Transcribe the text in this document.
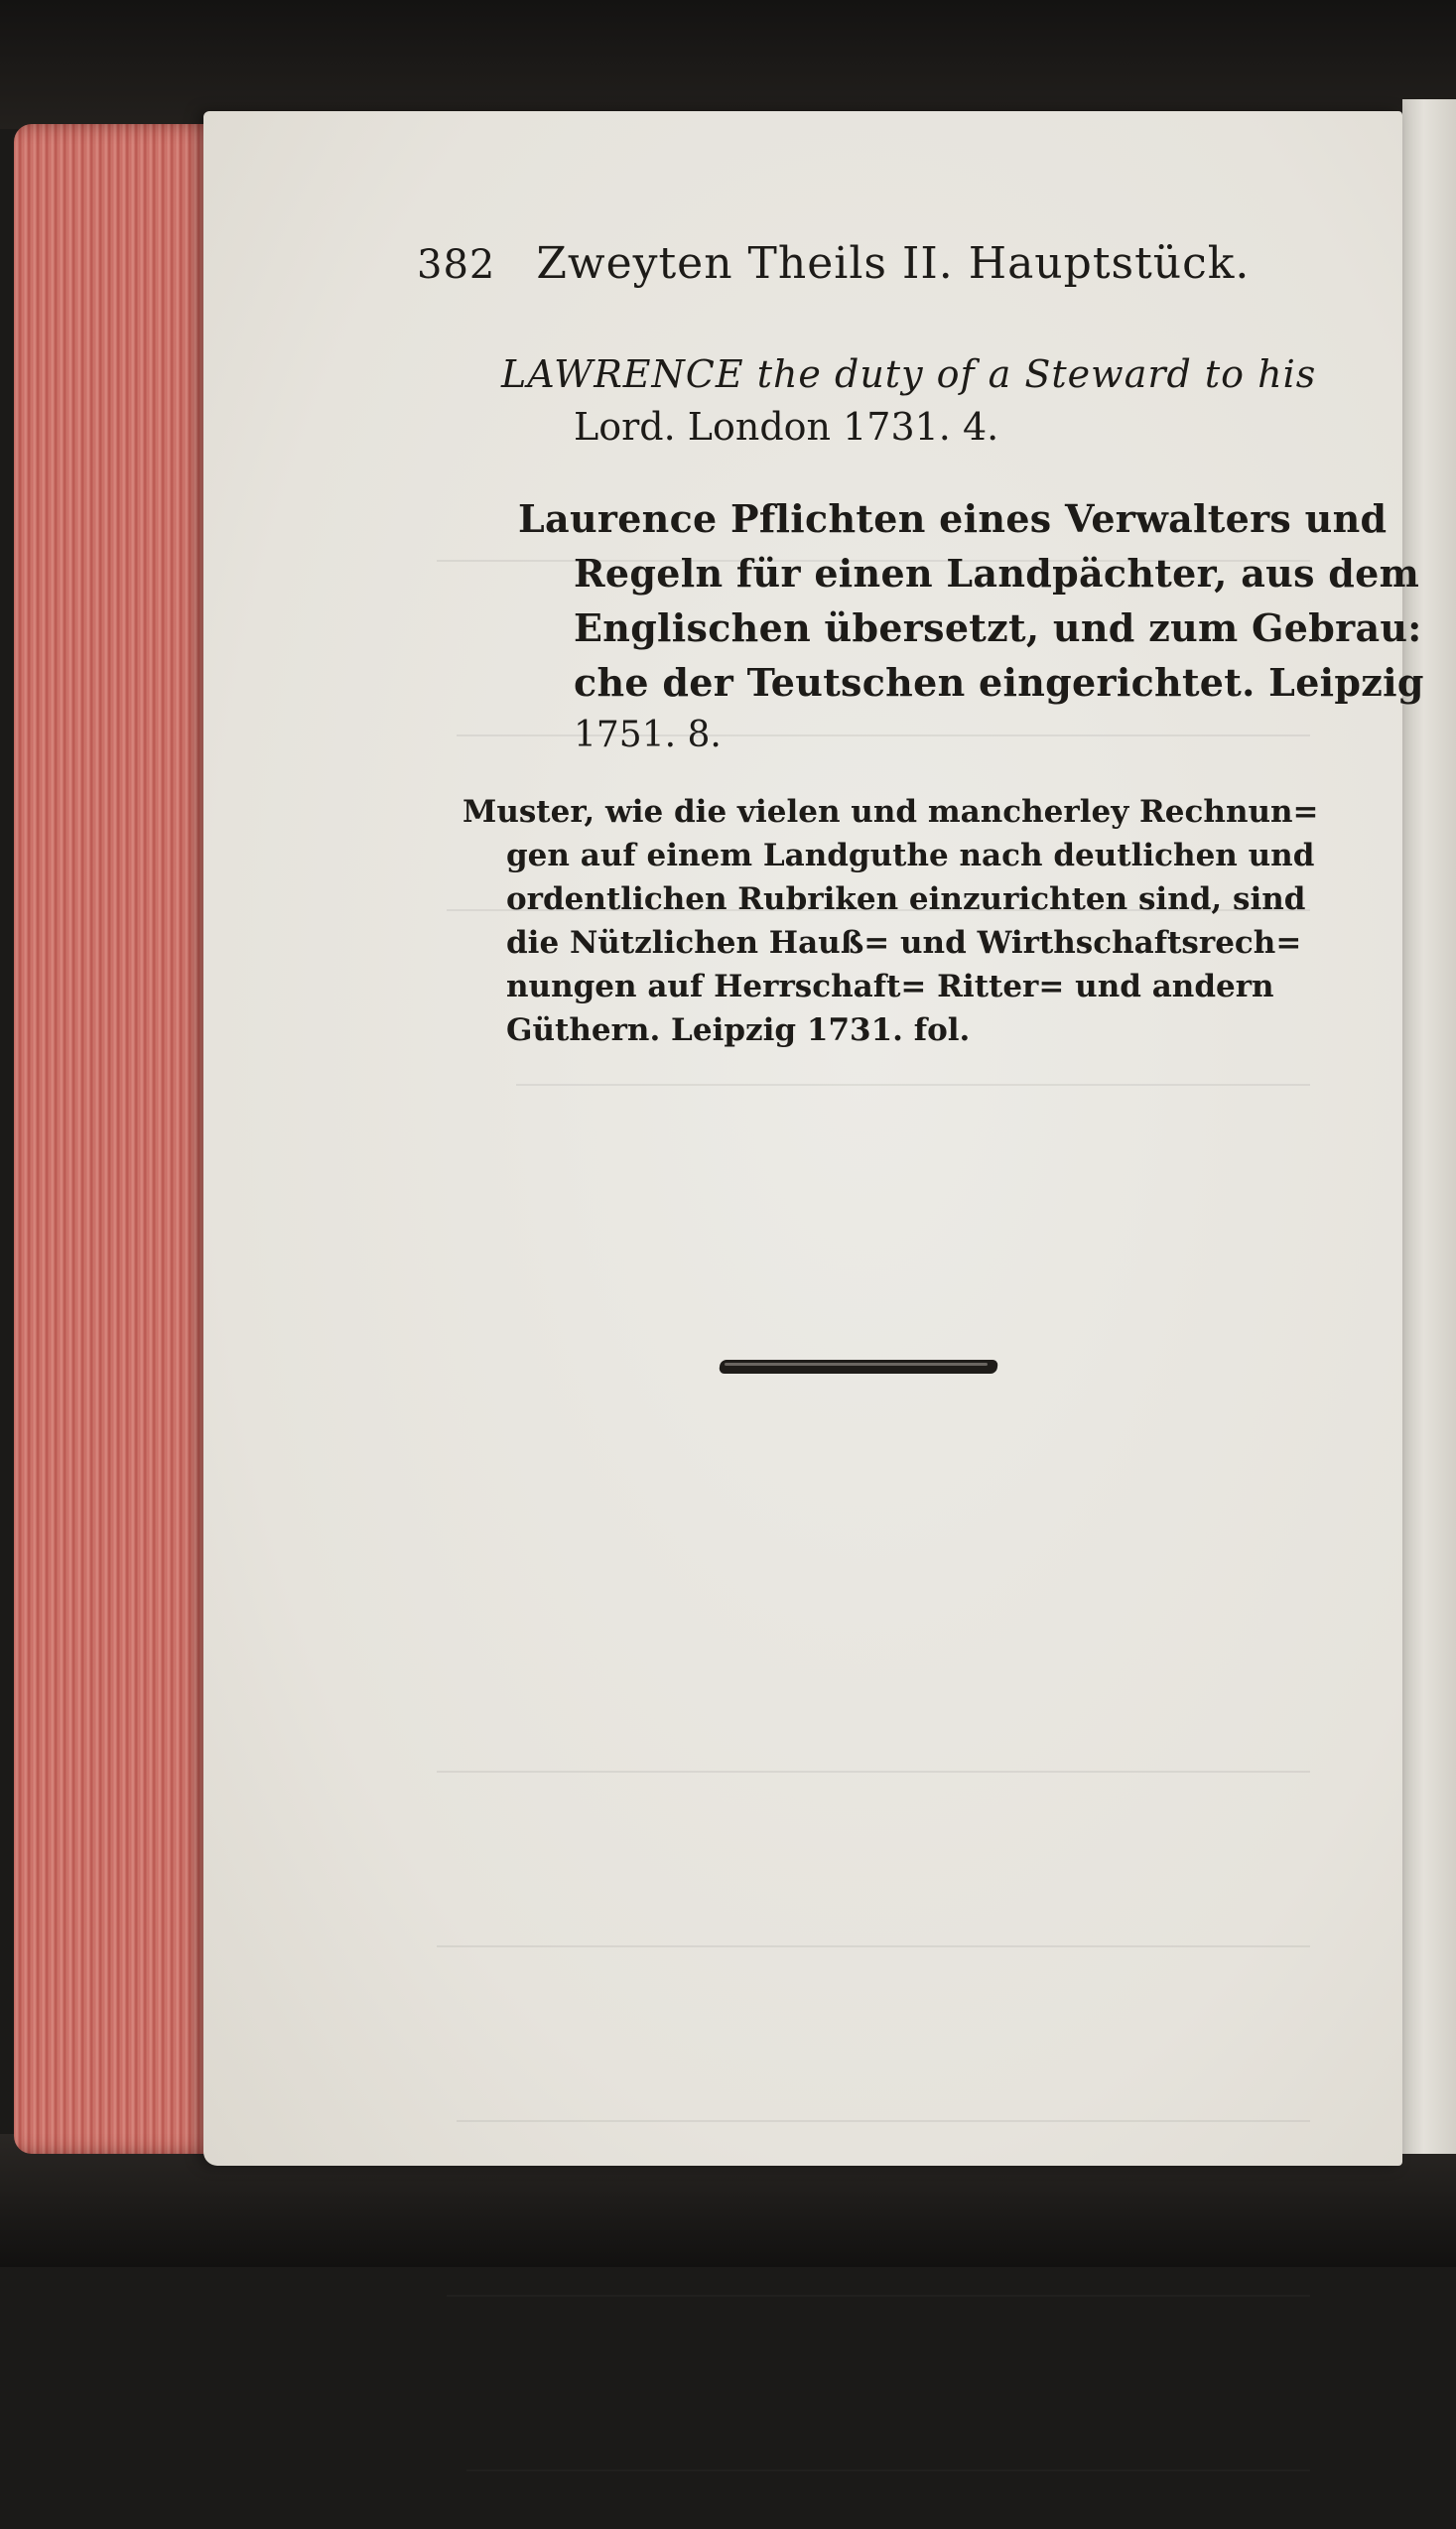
382 Zweyten Theils II. Hauptstück.
LAWRENCE the duty of a Steward to his
Lord. London 1731. 4.
Laurence Pflichten eines Verwalters und
Regeln für einen Landpächter, aus dem
Englischen übersetzt, und zum Gebrau:
che der Teutschen eingerichtet. Leipzig
1751. 8.
Muster, wie die vielen und mancherley Rechnun=
gen auf einem Landguthe nach deutlichen und
ordentlichen Rubriken einzurichten sind, sind
die Nützlichen Hauß= und Wirthschaftsrech=
nungen auf Herrschaft= Ritter= und andern
Güthern. Leipzig 1731. fol.
